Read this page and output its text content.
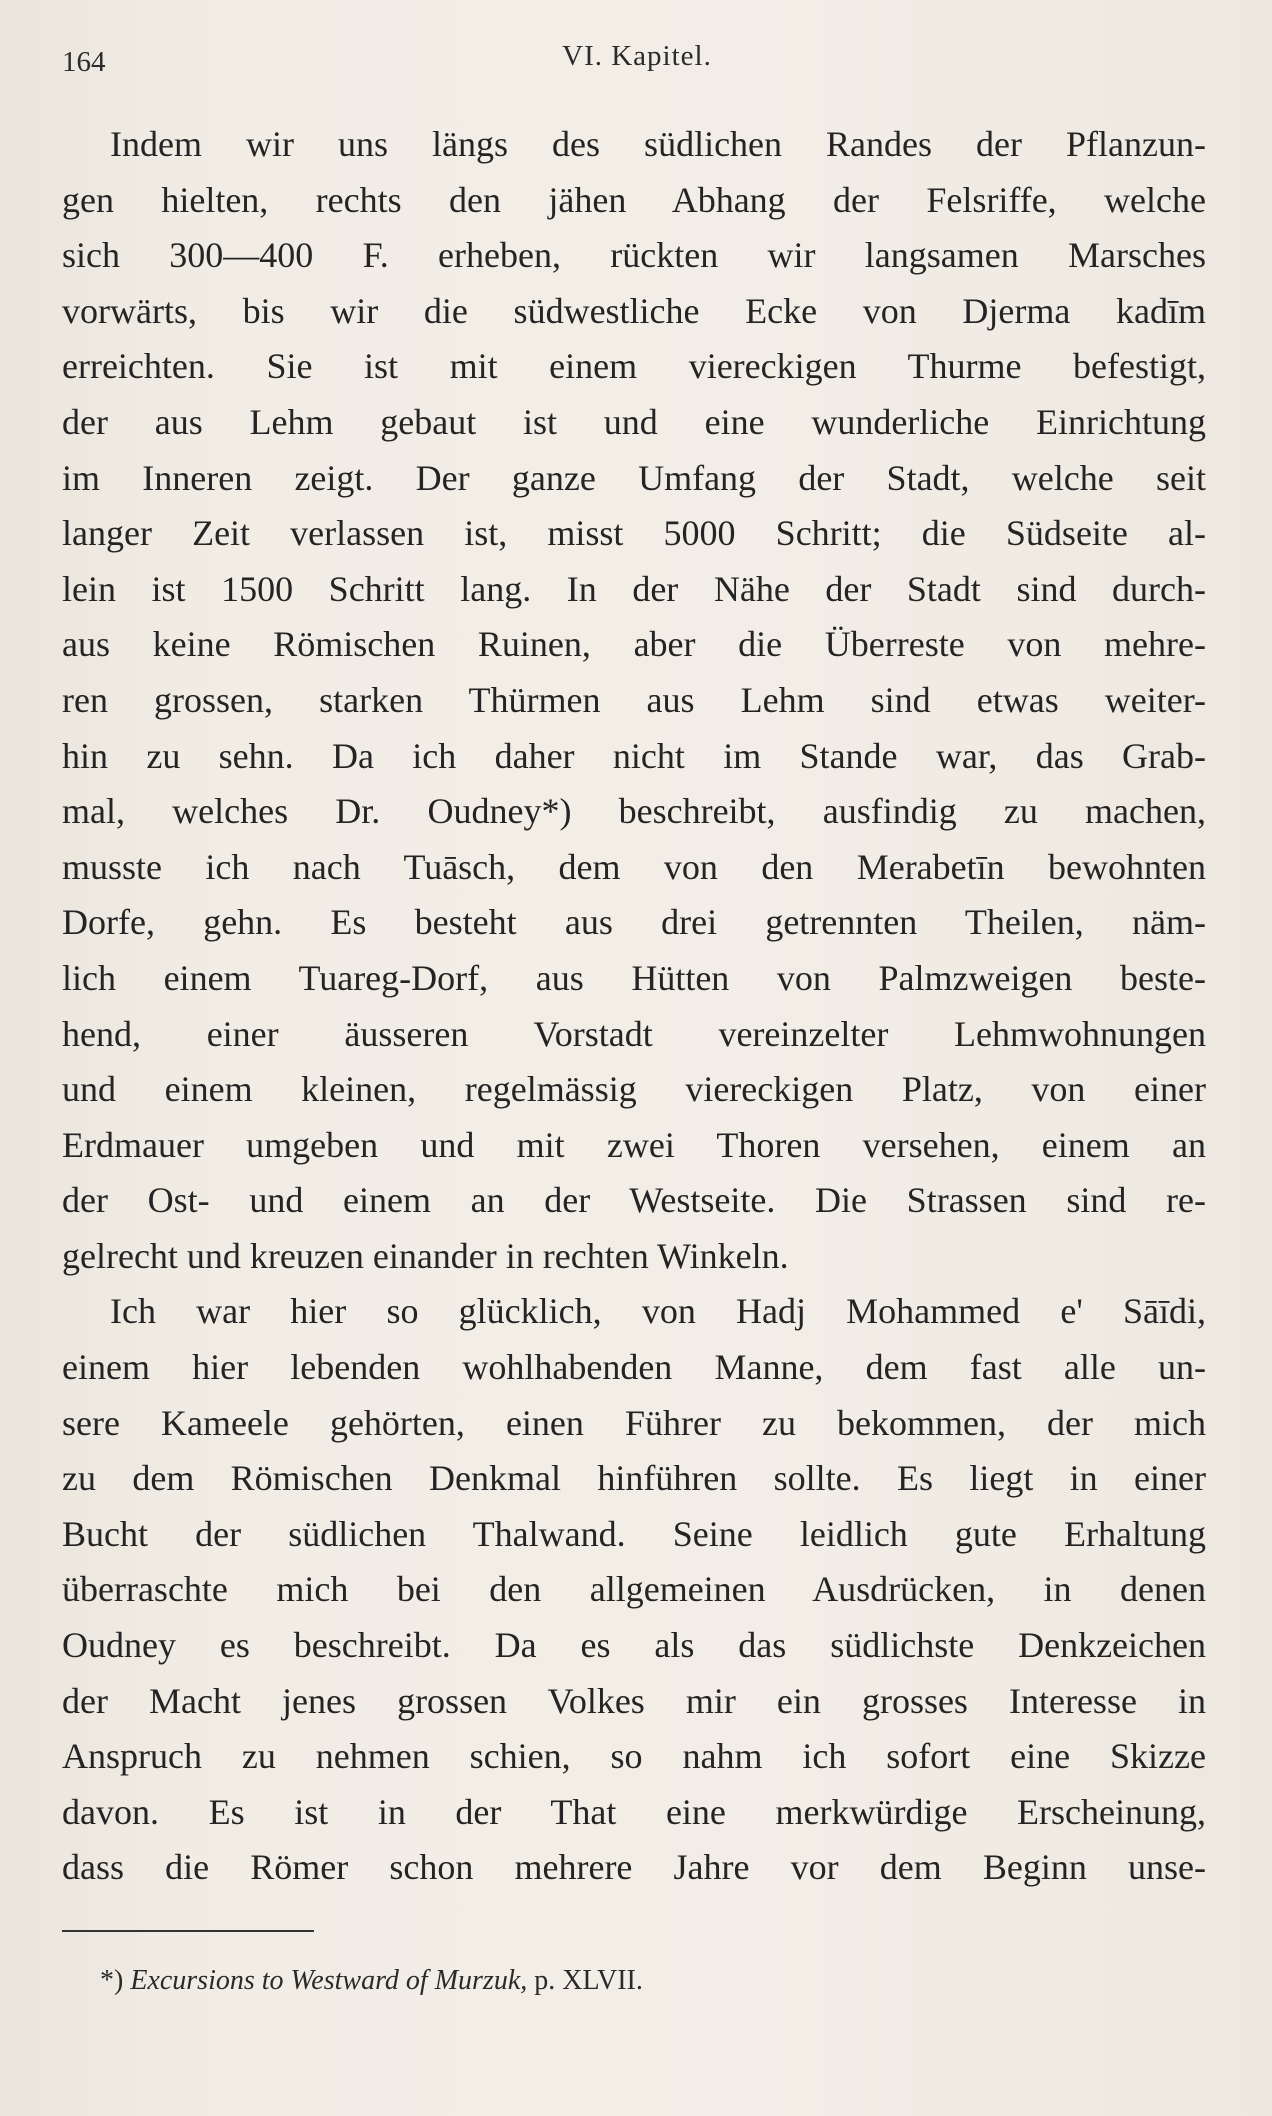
164	VI. Kapitel.
Indem wir uns längs des südlichen Randes der Pflanzun-
gen hielten, rechts den jähen Abhang der Felsriffe, welche
sich 300—400 F. erheben, rückten wir langsamen Marsches
vorwärts, bis wir die südwestliche Ecke von Djerma kadīm
erreichten. Sie ist mit einem viereckigen Thurme befestigt,
der aus Lehm gebaut ist und eine wunderliche Einrichtung
im Inneren zeigt. Der ganze Umfang der Stadt, welche seit
langer Zeit verlassen ist, misst 5000 Schritt; die Südseite al-
lein ist 1500 Schritt lang. In der Nähe der Stadt sind durch-
aus keine Römischen Ruinen, aber die Überreste von mehre-
ren grossen, starken Thürmen aus Lehm sind etwas weiter-
hin zu sehn. Da ich daher nicht im Stande war, das Grab-
mal, welches Dr. Oudney*) beschreibt, ausfindig zu machen,
musste ich nach Tuāsch, dem von den Merabetīn bewohnten
Dorfe, gehn. Es besteht aus drei getrennten Theilen, näm-
lich einem Tuareg-Dorf, aus Hütten von Palmzweigen beste-
hend, einer äusseren Vorstadt vereinzelter Lehmwohnungen
und einem kleinen, regelmässig viereckigen Platz, von einer
Erdmauer umgeben und mit zwei Thoren versehen, einem an
der Ost- und einem an der Westseite. Die Strassen sind re-
gelrecht und kreuzen einander in rechten Winkeln.
Ich war hier so glücklich, von Hadj Mohammed e' Sāīdi,
einem hier lebenden wohlhabenden Manne, dem fast alle un-
sere Kameele gehörten, einen Führer zu bekommen, der mich
zu dem Römischen Denkmal hinführen sollte. Es liegt in einer
Bucht der südlichen Thalwand. Seine leidlich gute Erhaltung
überraschte mich bei den allgemeinen Ausdrücken, in denen
Oudney es beschreibt. Da es als das südlichste Denkzeichen
der Macht jenes grossen Volkes mir ein grosses Interesse in
Anspruch zu nehmen schien, so nahm ich sofort eine Skizze
davon. Es ist in der That eine merkwürdige Erscheinung,
dass die Römer schon mehrere Jahre vor dem Beginn unse-
*) Excursions to Westward of Murzuk, p. XLVII.
